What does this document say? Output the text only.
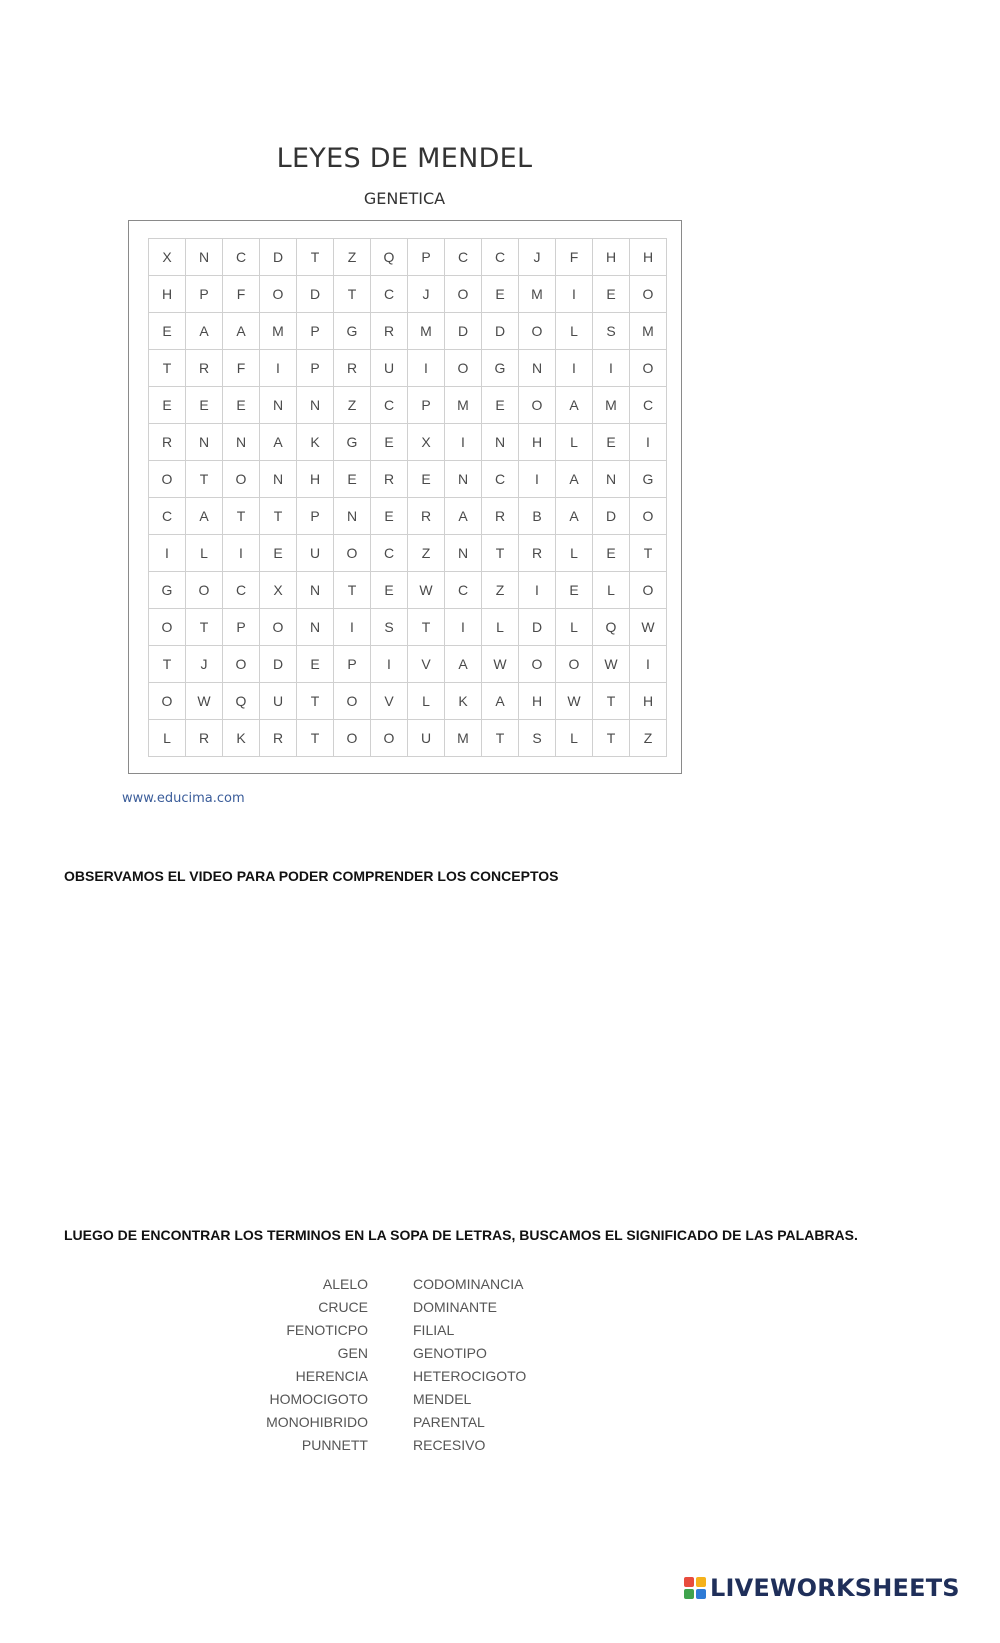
LEYES DE MENDEL
GENETICA
X	N	C	D	T	Z	Q	P	C	C	J	F	H	H
H	P	F	O	D	T	C	J	O	E	M	I	E	O
E	A	A	M	P	G	R	M	D	D	O	L	S	M
T	R	F	I	P	R	U	I	O	G	N	I	I	O
E	E	E	N	N	Z	C	P	M	E	O	A	M	C
R	N	N	A	K	G	E	X	I	N	H	L	E	I
O	T	O	N	H	E	R	E	N	C	I	A	N	G
C	A	T	T	P	N	E	R	A	R	B	A	D	O
I	L	I	E	U	O	C	Z	N	T	R	L	E	T
G	O	C	X	N	T	E	W	C	Z	I	E	L	O
O	T	P	O	N	I	S	T	I	L	D	L	Q	W
T	J	O	D	E	P	I	V	A	W	O	O	W	I
O	W	Q	U	T	O	V	L	K	A	H	W	T	H
L	R	K	R	T	O	O	U	M	T	S	L	T	Z
www.educima.com
OBSERVAMOS EL VIDEO PARA PODER COMPRENDER LOS CONCEPTOS
LUEGO DE ENCONTRAR LOS TERMINOS EN LA SOPA DE LETRAS, BUSCAMOS EL SIGNIFICADO DE LAS PALABRAS.
ALELO
CRUCE
FENOTICPO
GEN
HERENCIA
HOMOCIGOTO
MONOHIBRIDO
PUNNETT
CODOMINANCIA
DOMINANTE
FILIAL
GENOTIPO
HETEROCIGOTO
MENDEL
PARENTAL
RECESIVO
LIVEWORKSHEETS
